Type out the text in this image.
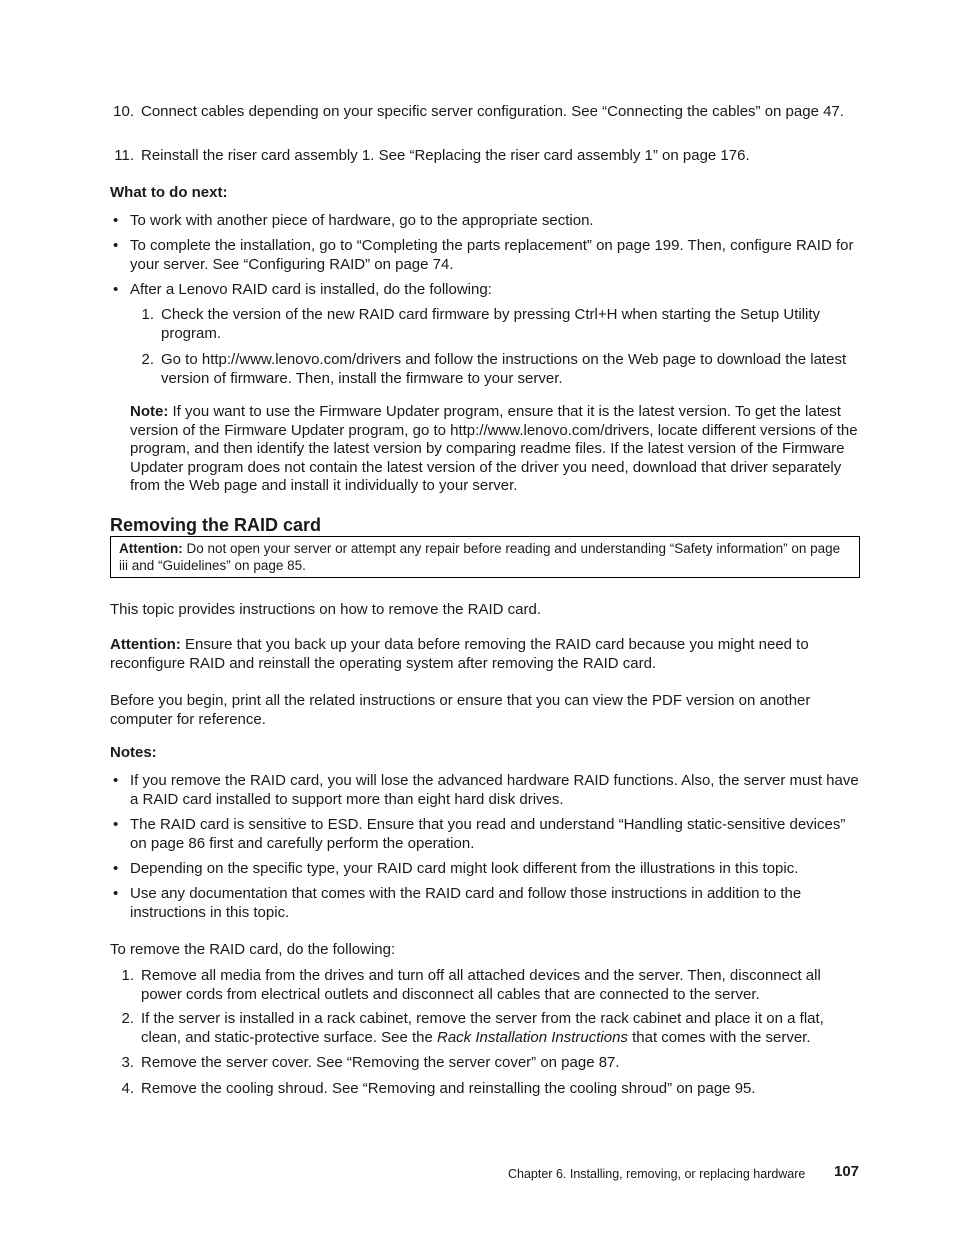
10. Connect cables depending on your specific server configuration. See “Connecting the cables” on page 47.
11. Reinstall the riser card assembly 1. See “Replacing the riser card assembly 1” on page 176.
What to do next:
• To work with another piece of hardware, go to the appropriate section.
• To complete the installation, go to “Completing the parts replacement” on page 199. Then, configure RAID for your server. See “Configuring RAID” on page 74.
• After a Lenovo RAID card is installed, do the following:
1. Check the version of the new RAID card firmware by pressing Ctrl+H when starting the Setup Utility program.
2. Go to http://www.lenovo.com/drivers and follow the instructions on the Web page to download the latest version of firmware. Then, install the firmware to your server.
Note: If you want to use the Firmware Updater program, ensure that it is the latest version. To get the latest version of the Firmware Updater program, go to http://www.lenovo.com/drivers, locate different versions of the program, and then identify the latest version by comparing readme files. If the latest version of the Firmware Updater program does not contain the latest version of the driver you need, download that driver separately from the Web page and install it individually to your server.
Removing the RAID card
Attention: Do not open your server or attempt any repair before reading and understanding “Safety information” on page iii and “Guidelines” on page 85.
This topic provides instructions on how to remove the RAID card.
Attention: Ensure that you back up your data before removing the RAID card because you might need to reconfigure RAID and reinstall the operating system after removing the RAID card.
Before you begin, print all the related instructions or ensure that you can view the PDF version on another computer for reference.
Notes:
• If you remove the RAID card, you will lose the advanced hardware RAID functions. Also, the server must have a RAID card installed to support more than eight hard disk drives.
• The RAID card is sensitive to ESD. Ensure that you read and understand “Handling static-sensitive devices” on page 86 first and carefully perform the operation.
• Depending on the specific type, your RAID card might look different from the illustrations in this topic.
• Use any documentation that comes with the RAID card and follow those instructions in addition to the instructions in this topic.
To remove the RAID card, do the following:
1. Remove all media from the drives and turn off all attached devices and the server. Then, disconnect all power cords from electrical outlets and disconnect all cables that are connected to the server.
2. If the server is installed in a rack cabinet, remove the server from the rack cabinet and place it on a flat, clean, and static-protective surface. See the Rack Installation Instructions that comes with the server.
3. Remove the server cover. See “Removing the server cover” on page 87.
4. Remove the cooling shroud. See “Removing and reinstalling the cooling shroud” on page 95.
Chapter 6. Installing, removing, or replacing hardware 107
